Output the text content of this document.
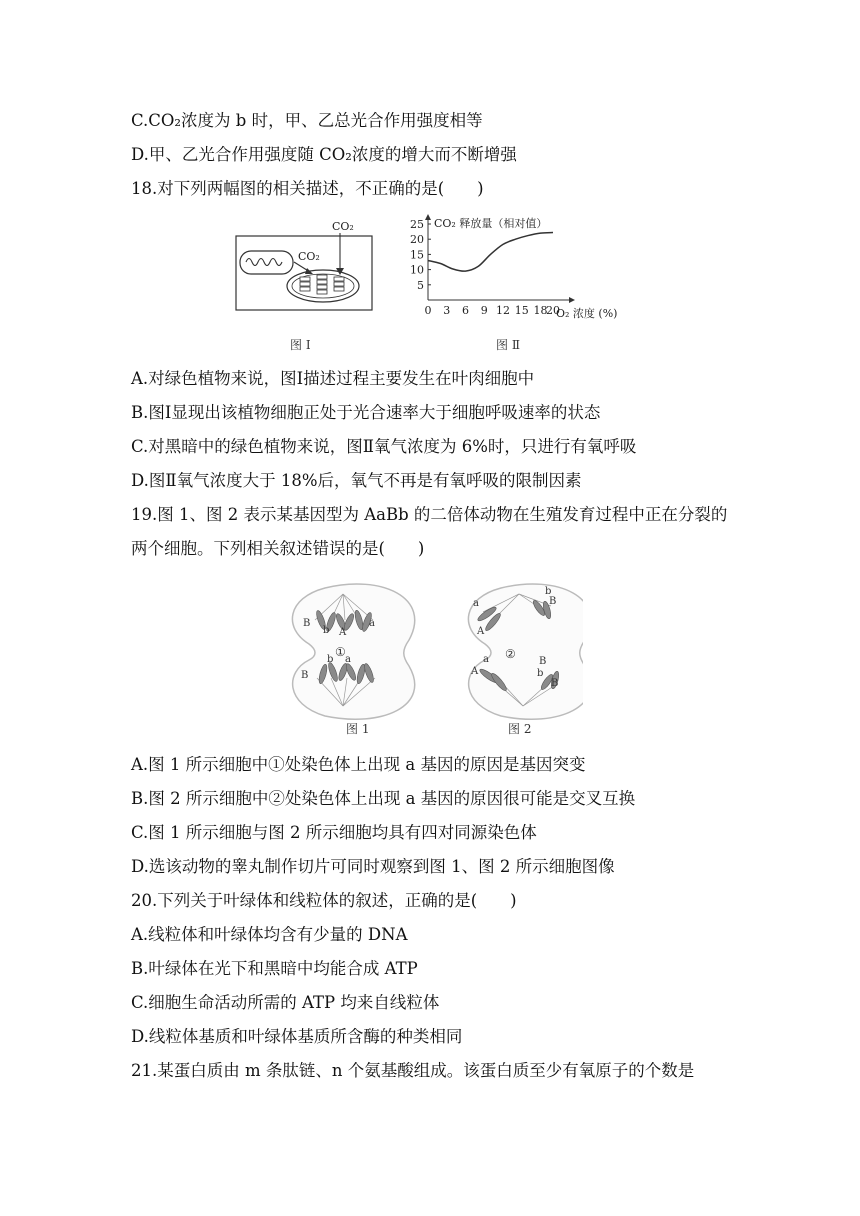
C.CO₂浓度为 b 时，甲、乙总光合作用强度相等
D.甲、乙光合作用强度随 CO₂浓度的增大而不断增强
18.对下列两幅图的相关描述，不正确的是(　　)
CO₂
CO₂
图 Ⅰ
5
10
15
20
25
0 3 6 9 12 15 18
20
CO₂ 释放量（相对值）
O₂ 浓度 (%)
图 Ⅱ
A.对绿色植物来说，图Ⅰ描述过程主要发生在叶肉细胞中
B.图Ⅰ显现出该植物细胞正处于光合速率大于细胞呼吸速率的状态
C.对黑暗中的绿色植物来说，图Ⅱ氧气浓度为 6%时，只进行有氧呼吸
D.图Ⅱ氧气浓度大于 18%后，氧气不再是有氧呼吸的限制因素
19.图 1、图 2 表示某基因型为 AaBb 的二倍体动物在生殖发育过程中正在分裂的
两个细胞。下列相关叙述错误的是(　　)
B
b A
a
B
b a
①
a
b
B
A
a
A
B
b
B
②
图 1	图 2
A.图 1 所示细胞中①处染色体上出现 a 基因的原因是基因突变
B.图 2 所示细胞中②处染色体上出现 a 基因的原因很可能是交叉互换
C.图 1 所示细胞与图 2 所示细胞均具有四对同源染色体
D.选该动物的睾丸制作切片可同时观察到图 1、图 2 所示细胞图像
20.下列关于叶绿体和线粒体的叙述，正确的是(　　)
A.线粒体和叶绿体均含有少量的 DNA
B.叶绿体在光下和黑暗中均能合成 ATP
C.细胞生命活动所需的 ATP 均来自线粒体
D.线粒体基质和叶绿体基质所含酶的种类相同
21.某蛋白质由 m 条肽链、n 个氨基酸组成。该蛋白质至少有氧原子的个数是
